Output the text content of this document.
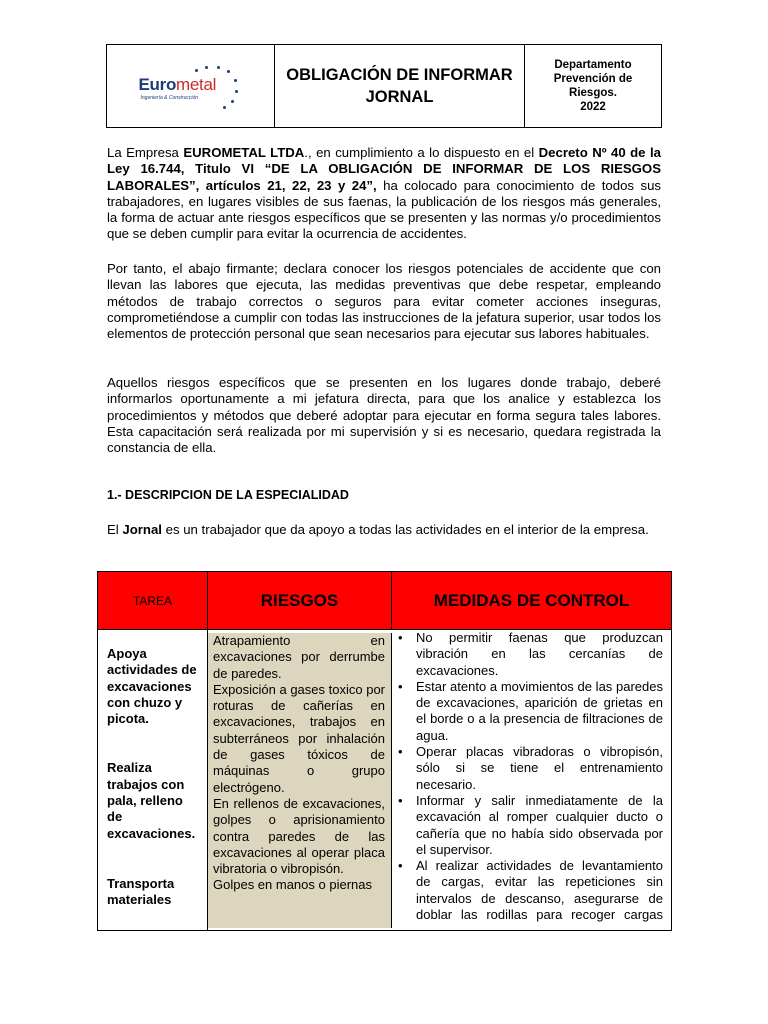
Eurometal
Ingeniería & Construcción
OBLIGACIÓN DE INFORMAR
JORNAL
Departamento
Prevención de
Riesgos.
2022
La Empresa EUROMETAL LTDA., en cumplimiento a lo dispuesto en el Decreto Nº 40 de la Ley 16.744, Titulo VI “DE LA OBLIGACIÓN DE INFORMAR DE LOS RIESGOS LABORALES”, artículos 21, 22, 23 y 24”, ha colocado para conocimiento de todos sus trabajadores, en lugares visibles de sus faenas, la publicación de los riesgos más generales, la forma de actuar ante riesgos específicos que se presenten y las normas y/o procedimientos que se deben cumplir para evitar la ocurrencia de accidentes.
Por tanto, el abajo firmante; declara conocer los riesgos potenciales de accidente que con llevan las labores que ejecuta, las medidas preventivas que debe respetar, empleando métodos de trabajo correctos o seguros para evitar cometer acciones inseguras, comprometiéndose a cumplir con todas las instrucciones de la jefatura superior, usar todos los elementos de protección personal que sean necesarios para ejecutar sus labores habituales.
Aquellos riesgos específicos que se presenten en los lugares donde trabajo, deberé informarlos oportunamente a mi jefatura directa, para que los analice y establezca los procedimientos y métodos que deberé adoptar para ejecutar en forma segura tales labores. Esta capacitación será realizada por mi supervisión y si es necesario, quedara registrada la constancia de ella.
1.- DESCRIPCION DE LA ESPECIALIDAD
El Jornal es un trabajador que da apoyo a todas las actividades en el interior de la empresa.
TAREA	RIESGOS	MEDIDAS DE CONTROL
Apoya actividades de excavaciones con chuzo y picota.
Realiza trabajos con pala, relleno de excavaciones.
Transporta materiales
Atrapamiento en excavaciones por derrumbe de paredes.
Exposición a gases toxico por roturas de cañerías en excavaciones, trabajos en subterráneos por inhalación de gases tóxicos de máquinas o grupo electrógeno.
En rellenos de excavaciones, golpes o aprisionamiento contra paredes de las excavaciones al operar placa vibratoria o vibropisón.
Golpes en manos o piernas
• No permitir faenas que produzcan vibración en las cercanías de excavaciones.
• Estar atento a movimientos de las paredes de excavaciones, aparición de grietas en el borde o a la presencia de filtraciones de agua.
• Operar placas vibradoras o vibropisón, sólo si se tiene el entrenamiento necesario.
• Informar y salir inmediatamente de la excavación al romper cualquier ducto o cañería que no había sido observada por el supervisor.
• Al realizar actividades de levantamiento de cargas, evitar las repeticiones sin intervalos de descanso, asegurarse de doblar las rodillas para recoger cargas
